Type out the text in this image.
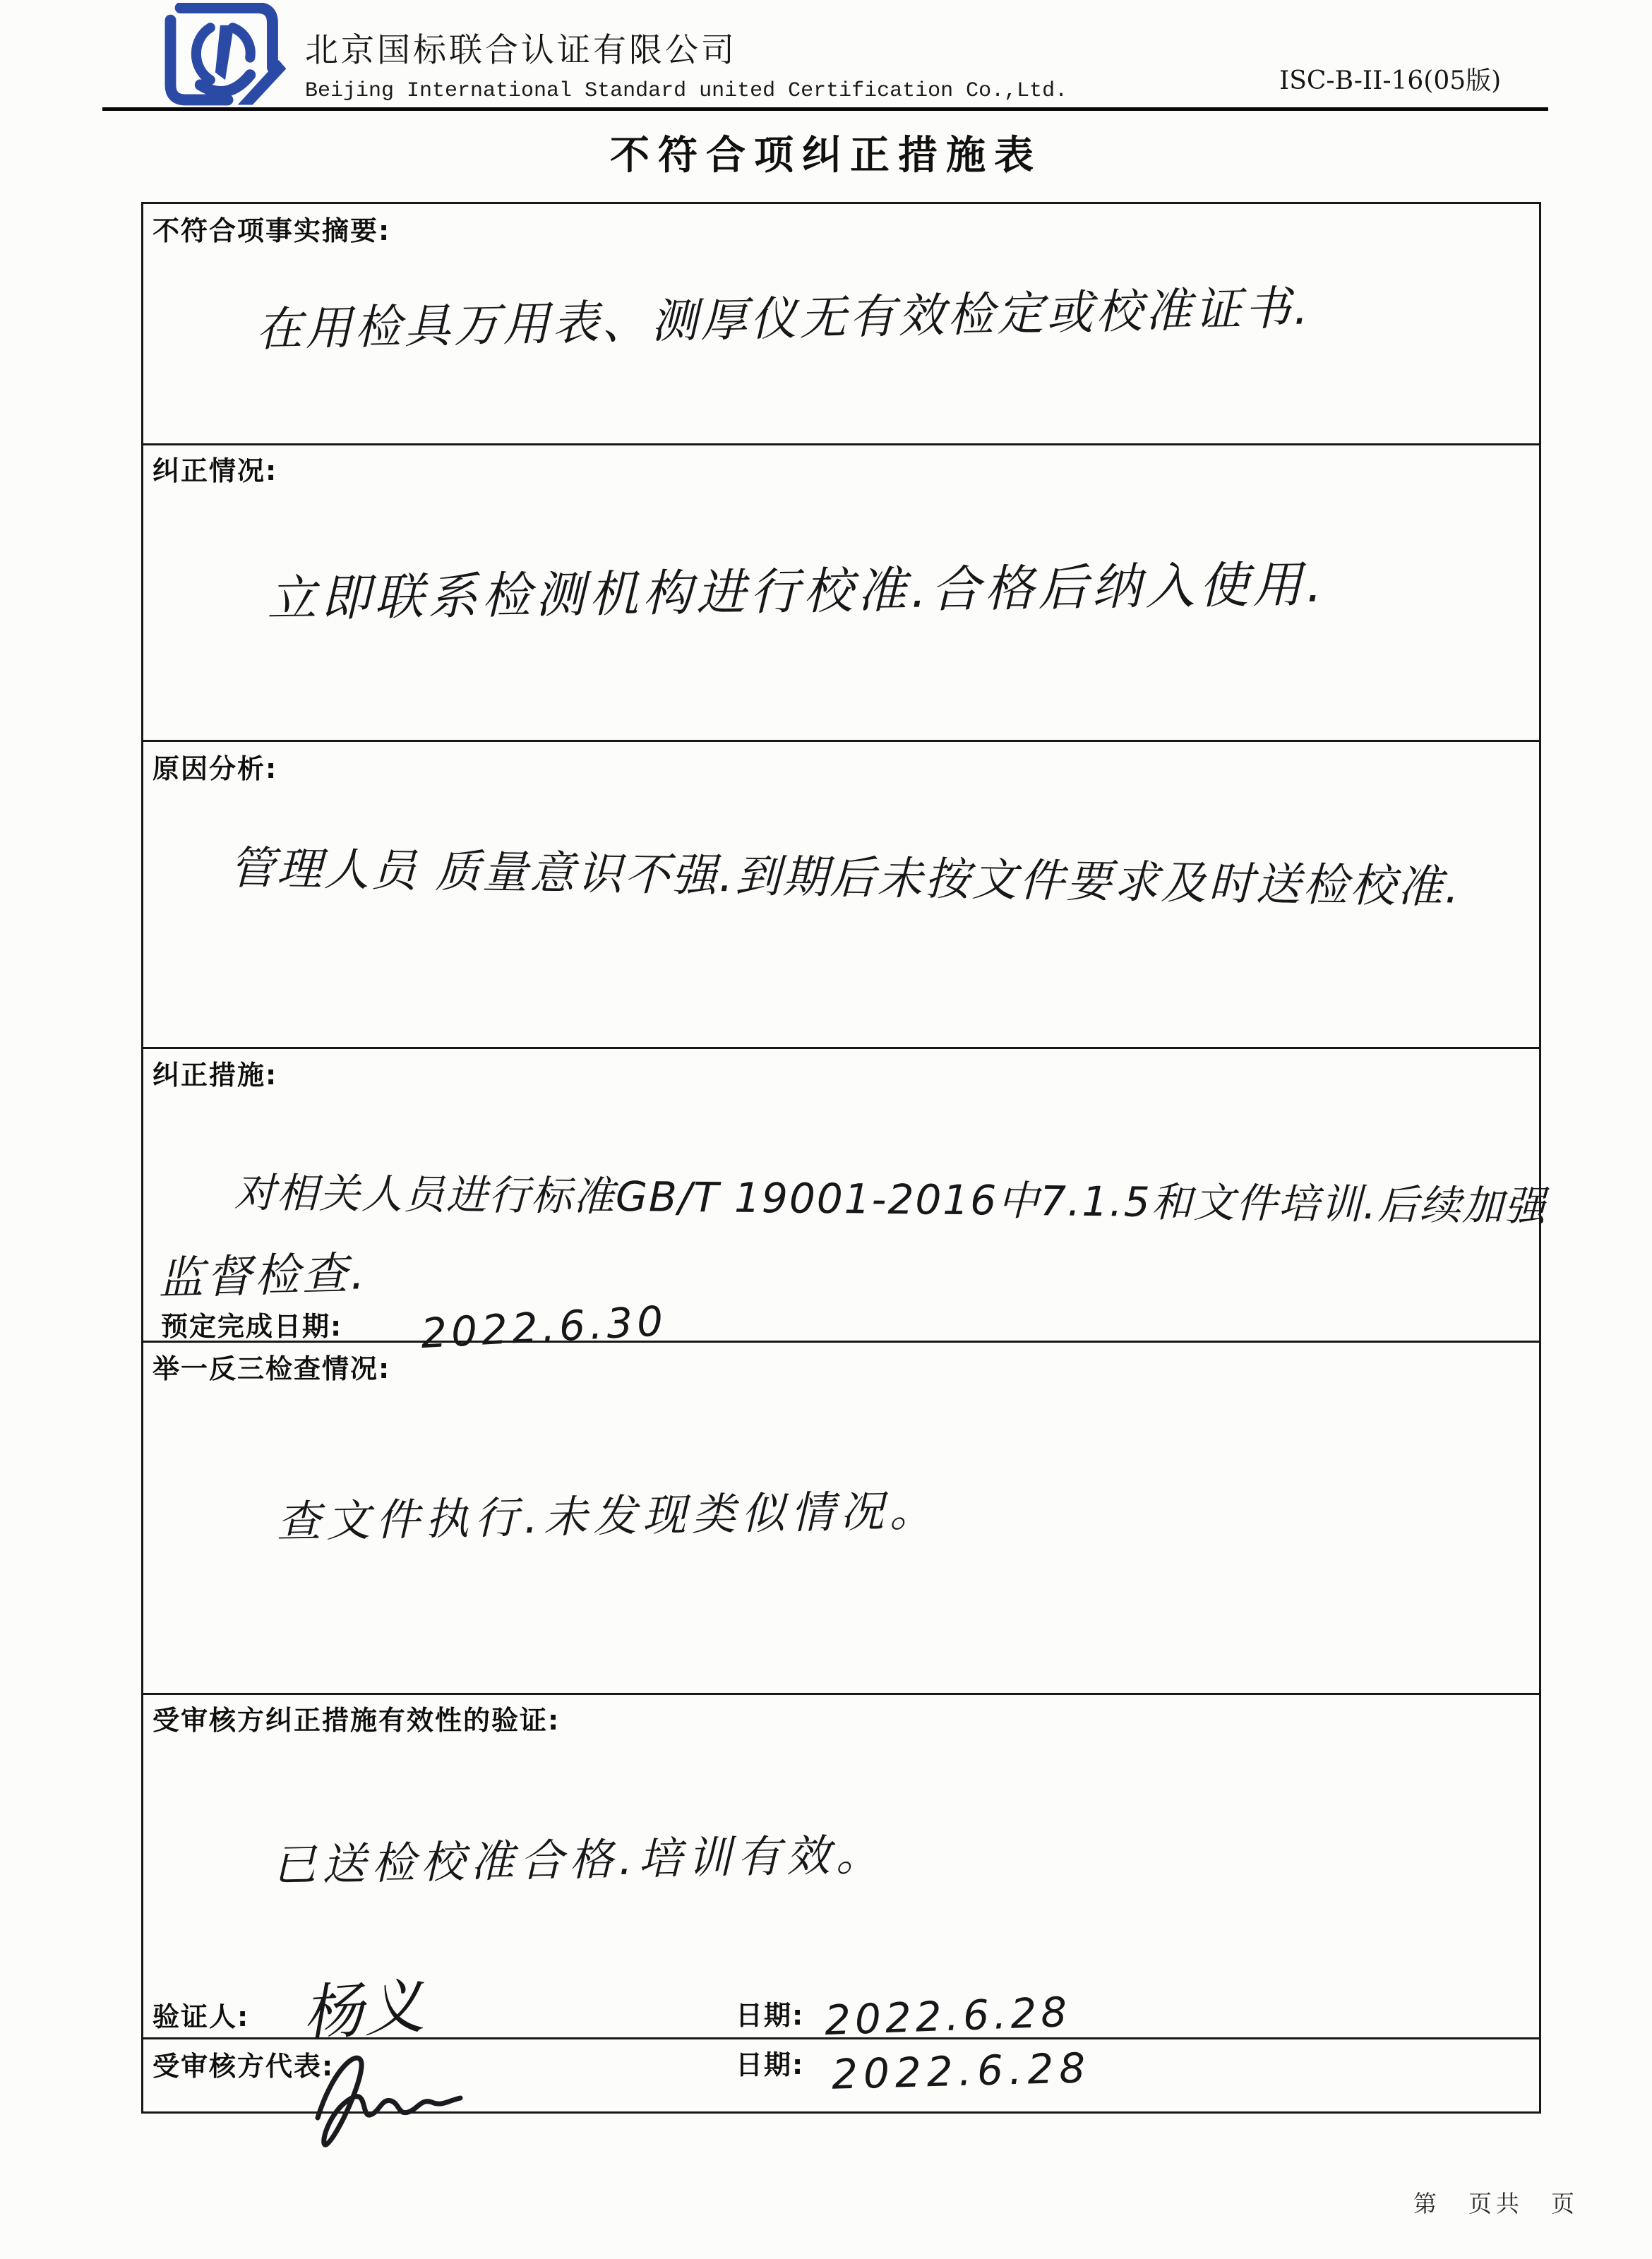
北京国标联合认证有限公司
Beijing International Standard united Certification Co.,Ltd.	ISC-B-II-16(05版)
不符合项纠正措施表
不符合项事实摘要:
在用检具万用表、测厚仪无有效检定或校准证书.
纠正情况:
立即联系检测机构进行校准.合格后纳入使用.
原因分析:
管理人员 质量意识不强.到期后未按文件要求及时送检校准.
纠正措施:
对相关人员进行标准GB/T 19001-2016中7.1.5和文件培训.后续加强
监督检查.
预定完成日期: 2022.6.30
举一反三检查情况:
查文件执行.未发现类似情况。
受审核方纠正措施有效性的验证:
已送检校准合格.培训有效。
验证人: 杨义	日期: 2022.6.28
受审核方代表:	日期: 2022.6.28
第　页共　页
